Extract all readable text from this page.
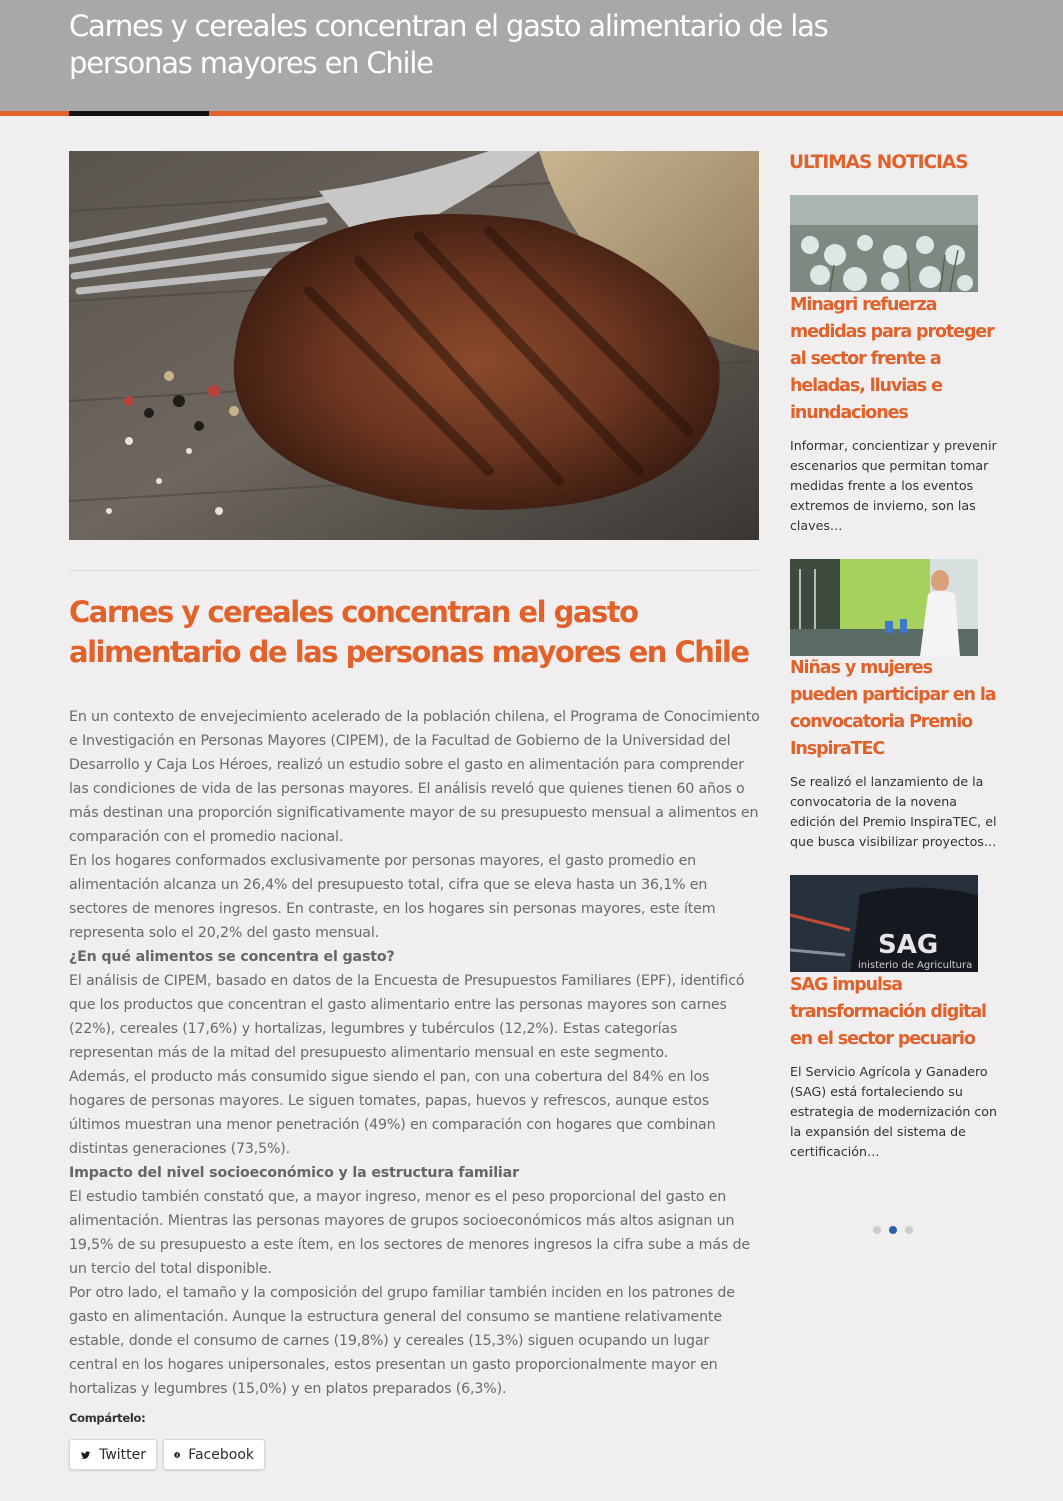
Carnes y cereales concentran el gasto alimentario de las personas mayores en Chile
Carnes y cereales concentran el gasto alimentario de las personas mayores en Chile

En un contexto de envejecimiento acelerado de la población chilena, el Programa de Conocimiento e Investigación en Personas Mayores (CIPEM), de la Facultad de Gobierno de la Universidad del Desarrollo y Caja Los Héroes, realizó un estudio sobre el gasto en alimentación para comprender las condiciones de vida de las personas mayores. El análisis reveló que quienes tienen 60 años o más destinan una proporción significativamente mayor de su presupuesto mensual a alimentos en comparación con el promedio nacional.

En los hogares conformados exclusivamente por personas mayores, el gasto promedio en alimentación alcanza un 26,4% del presupuesto total, cifra que se eleva hasta un 36,1% en sectores de menores ingresos. En contraste, en los hogares sin personas mayores, este ítem representa solo el 20,2% del gasto mensual.

¿En qué alimentos se concentra el gasto?

El análisis de CIPEM, basado en datos de la Encuesta de Presupuestos Familiares (EPF), identificó que los productos que concentran el gasto alimentario entre las personas mayores son carnes (22%), cereales (17,6%) y hortalizas, legumbres y tubérculos (12,2%). Estas categorías representan más de la mitad del presupuesto alimentario mensual en este segmento.

Además, el producto más consumido sigue siendo el pan, con una cobertura del 84% en los hogares de personas mayores. Le siguen tomates, papas, huevos y refrescos, aunque estos últimos muestran una menor penetración (49%) en comparación con hogares que combinan distintas generaciones (73,5%).

Impacto del nivel socioeconómico y la estructura familiar

El estudio también constató que, a mayor ingreso, menor es el peso proporcional del gasto en alimentación. Mientras las personas mayores de grupos socioeconómicos más altos asignan un 19,5% de su presupuesto a este ítem, en los sectores de menores ingresos la cifra sube a más de un tercio del total disponible.

Por otro lado, el tamaño y la composición del grupo familiar también inciden en los patrones de gasto en alimentación. Aunque la estructura general del consumo se mantiene relativamente estable, donde el consumo de carnes (19,8%) y cereales (15,3%) siguen ocupando un lugar central en los hogares unipersonales, estos presentan un gasto proporcionalmente mayor en hortalizas y legumbres (15,0%) y en platos preparados (6,3%).

Compártelo:
Twitter	Facebook
ULTIMAS NOTICIAS
Minagri refuerza medidas para proteger al sector frente a heladas, lluvias e inundaciones
Informar, concientizar y prevenir escenarios que permitan tomar medidas frente a los eventos extremos de invierno, son las claves…
Niñas y mujeres pueden participar en la convocatoria Premio InspiraTEC
Se realizó el lanzamiento de la convocatoria de la novena edición del Premio InspiraTEC, el que busca visibilizar proyectos…
SAG
inisterio de Agricultura
SAG impulsa transformación digital en el sector pecuario
El Servicio Agrícola y Ganadero (SAG) está fortaleciendo su estrategia de modernización con la expansión del sistema de certificación…
